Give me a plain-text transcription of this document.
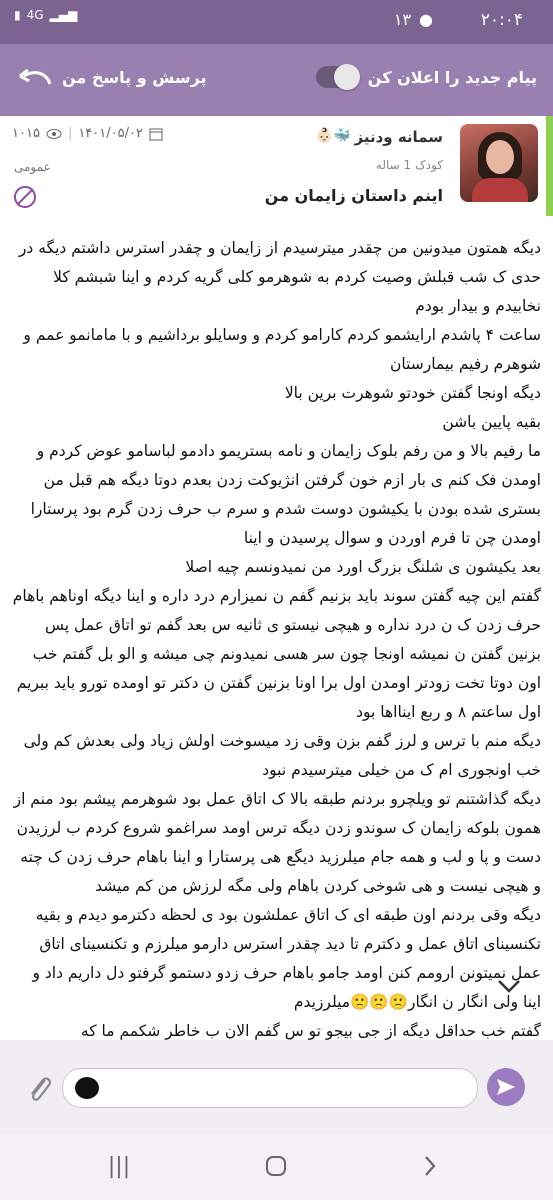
▮ 4G ▂▄▆	۱۳ ●	۲۰:۰۴
پیام جدید را اعلان کن
پرسش و پاسخ من
سمانه ودنیز
🐳👶🏻
کودک 1 ساله
اینم داستان زایمان من
۱۴۰۱/۰۵/۰۲
|
۱۰۱۵
عمومی

دیگه همتون میدونین من چقدر میترسیدم از زایمان و چقدر استرس داشتم دیگه در حدی ک شب قبلش وصیت کردم به شوهرمو کلی گریه کردم و اینا شبشم کلا نخابیدم و بیدار بودم

ساعت ۴ پاشدم ارایشمو کردم کارامو کردم و وسایلو برداشیم و با مامانمو عمم و شوهرم رفیم بیمارستان

دیگه اونجا گفتن خودتو شوهرت برین بالا

بقیه پایین باشن

ما رفیم بالا و من رفم بلوک زایمان و نامه بستریمو دادمو لباسامو عوض کردم و اومدن فک کنم ی بار ازم خون گرفتن انژیوکت زدن بعدم دوتا دیگه هم قبل من بستری شده بودن با یکیشون دوست شدم و سرم ب حرف زدن گرم بود پرستارا اومدن چن تا فرم اوردن و سوال پرسیدن و اینا

بعد یکیشون ی شلنگ بزرگ اورد من نمیدونسم چیه اصلا

گفتم این چیه گفتن سوند باید بزنیم گفم ن نمیزارم درد داره و اینا دیگه اوناهم باهام حرف زدن ک ن درد نداره و هیچی نیستو ی ثانیه س بعد گفم تو اتاق عمل پس بزنین گفتن ن نمیشه اونجا چون سر هسی نمیدونم چی میشه و الو بل گفتم خب اون دوتا تخت زودتر اومدن اول برا اونا بزنین گفتن ن دکتر تو اومده تورو باید ببریم اول ساعتم ۸ و ربع اینااها بود

دیگه منم با ترس و لرز گفم بزن وقی زد میسوخت اولش زیاد ولی بعدش کم ولی خب اونجوری ام ک من خیلی میترسیدم نبود

دیگه گذاشتنم تو ویلچرو بردنم طبقه بالا ک اتاق عمل بود شوهرمم پیشم بود منم از همون بلوکه زایمان ک سوندو زدن دیگه ترس اومد سراغمو شروع کردم ب لرزیدن دست و پا و لب و همه جام میلرزید دیگع هی پرستارا و اینا باهام حرف زدن ک چته و هیچی نیست و هی شوخی کردن باهام ولی مگه لرزش من کم میشد

دیگه وقی بردنم اون طبقه ای ک اتاق عملشون بود ی لحظه دکترمو دیدم و بقیه تکنسینای اتاق عمل و دکترم تا دید چقدر استرس دارمو میلرزم و تکنسینای اتاق عمل نمیتونن ارومم کنن اومد جامو باهام حرف زدو دستمو گرفتو دل داریم داد و اینا ولی انگار ن انگار🙁🙁🙁میلرزیدم

گفتم خب حداقل دیگه از جی بیجو تو س گفم الان ب خاطر شکمم ما که

|||
